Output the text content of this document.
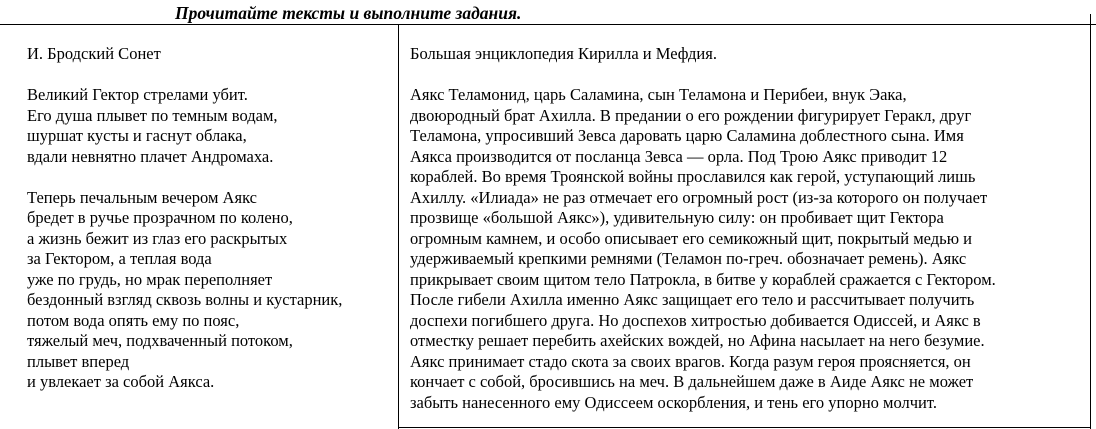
Прочитайте тексты и выполните задания.
И. Бродский Сонет
Великий Гектор стрелами убит.
Его душа плывет по темным водам,
шуршат кусты и гаснут облака,
вдали невнятно плачет Андромаха.
Теперь печальным вечером Аякс
бредет в ручье прозрачном по колено,
а жизнь бежит из глаз его раскрытых
за Гектором, а теплая вода
уже по грудь, но мрак переполняет
бездонный взгляд сквозь волны и кустарник,
потом вода опять ему по пояс,
тяжелый меч, подхваченный потоком,
плывет вперед
и увлекает за собой Аякса.
Большая энциклопедия Кирилла и Мефдия.
Аякс Теламонид, царь Саламина, сын Теламона и Перибеи, внук Эака,
двоюродный брат Ахилла. В предании о его рождении фигурирует Геракл, друг
Теламона, упросивший Зевса даровать царю Саламина доблестного сына. Имя
Аякса производится от посланца Зевса — орла. Под Трою Аякс приводит 12
кораблей. Во время Троянской войны прославился как герой, уступающий лишь
Ахиллу. «Илиада» не раз отмечает его огромный рост (из-за которого он получает
прозвище «большой Аякс»), удивительную силу: он пробивает щит Гектора
огромным камнем, и особо описывает его семикожный щит, покрытый медью и
удерживаемый крепкими ремнями (Теламон по-греч. обозначает ремень). Аякс
прикрывает своим щитом тело Патрокла, в битве у кораблей сражается с Гектором.
После гибели Ахилла именно Аякс защищает его тело и рассчитывает получить
доспехи погибшего друга. Но доспехов хитростью добивается Одиссей, и Аякс в
отместку решает перебить ахейских вождей, но Афина насылает на него безумие.
Аякс принимает стадо скота за своих врагов. Когда разум героя проясняется, он
кончает с собой, бросившись на меч. В дальнейшем даже в Аиде Аякс не может
забыть нанесенного ему Одиссеем оскорбления, и тень его упорно молчит.
